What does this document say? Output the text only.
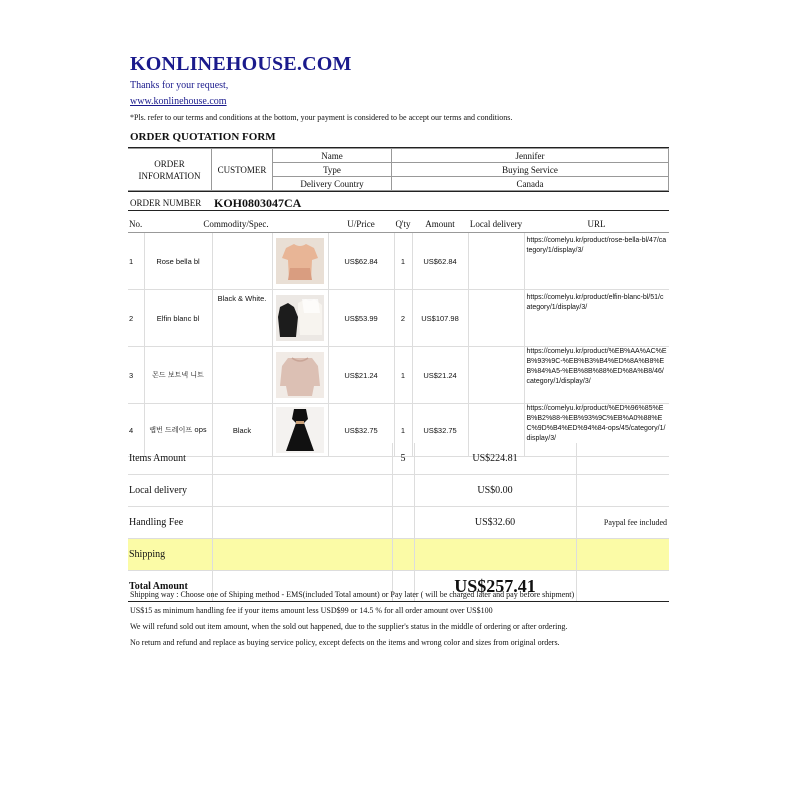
KONLINEHOUSE.COM
Thanks for your request,
www.konlinehouse.com
*Pls. refer to our terms and conditions at the bottom, your payment is considered to be accept our terms and conditions.
ORDER QUOTATION FORM
ORDER INFORMATION	CUSTOMER	Name	Jennifer
		Type	Buying Service
		Delivery Country	Canada
ORDER NUMBER KOH0803047CA
No.	Commodity/Spec.			U/Price	Q'ty	Amount	Local delivery	URL
1	Rose bella bl			US$62.84	1	US$62.84		https://comelyu.kr/product/rose-bella-bl/47/category/1/display/3/
2	Elfin blanc bl	Black & White.		US$53.99	2	US$107.98		https://comelyu.kr/product/elfin-blanc-bl/51/category/1/display/3/
3	몬드 보트넥 니트			US$21.24	1	US$21.24		https://comelyu.kr/product/%EB%AA%AC%EB%93%9C-%EB%B3%B4%ED%8A%B8%EB%84%A5-%EB%8B%88%ED%8A%B8/46/category/1/display/3/
4	랩번 드레이프 ops	Black		US$32.75	1	US$32.75		https://comelyu.kr/product/%ED%96%85%EB%B2%88-%EB%93%9C%EB%A0%88%EC%9D%B4%ED%94%84-ops/45/category/1/display/3/
Items Amount		5	US$224.81	
Local delivery			US$0.00	
Handling Fee			US$32.60	Paypal fee included
Shipping				
Total Amount			US$257.41	
Shipping way : Choose one of Shiping method - EMS(included Total amount) or Pay later ( will be charged later and pay before shipment)
US$15 as minimum handling fee if your items amount less USD$99 or 14.5 % for all order amount over US$100
We will refund sold out item amount, when the sold out happened, due to the supplier's status in the middle of ordering or after ordering.
No return and refund and replace as buying service policy, except defects on the items and wrong color and sizes from original orders.
